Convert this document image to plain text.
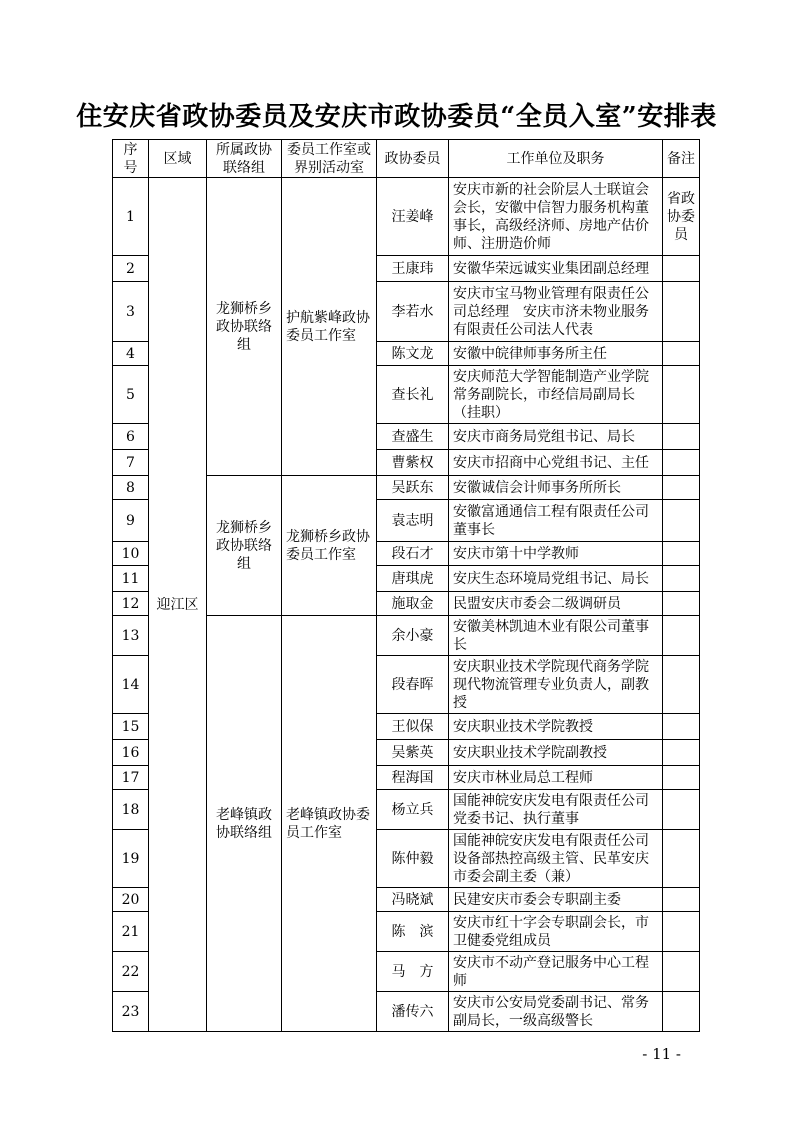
住安庆省政协委员及安庆市政协委员“全员入室”安排表
序号	区域	所属政协联络组	委员工作室或界别活动室	政协委员	工作单位及职务	备注
1	迎江区	龙狮桥乡政协联络组	护航紫峰政协委员工作室	汪姜峰	安庆市新的社会阶层人士联谊会会长，安徽中信智力服务机构董事长，高级经济师、房地产估价师、注册造价师	省政协委员
2				王康玮	安徽华荣远诚实业集团副总经理	
3				李若水	安庆市宝马物业管理有限责任公司总经理　安庆市济未物业服务有限责任公司法人代表	
4				陈文龙	安徽中皖律师事务所主任	
5				查长礼	安庆师范大学智能制造产业学院常务副院长，市经信局副局长（挂职）	
6				查盛生	安庆市商务局党组书记、局长	
7				曹紫权	安庆市招商中心党组书记、主任	
8		龙狮桥乡政协联络组	龙狮桥乡政协委员工作室	吴跃东	安徽诚信会计师事务所所长	
9				袁志明	安徽富通通信工程有限责任公司董事长	
10				段石才	安庆市第十中学教师	
11				唐琪虎	安庆生态环境局党组书记、局长	
12				施取金	民盟安庆市委会二级调研员	
13		老峰镇政协联络组	老峰镇政协委员工作室	余小豪	安徽美林凯迪木业有限公司董事长	
14				段春晖	安庆职业技术学院现代商务学院现代物流管理专业负责人，副教授	
15				王似保	安庆职业技术学院教授	
16				吴紫英	安庆职业技术学院副教授	
17				程海国	安庆市林业局总工程师	
18				杨立兵	国能神皖安庆发电有限责任公司党委书记、执行董事	
19				陈仲毅	国能神皖安庆发电有限责任公司设备部热控高级主管、民革安庆市委会副主委（兼）	
20				冯晓斌	民建安庆市委会专职副主委	
21				陈　滨	安庆市红十字会专职副会长，市卫健委党组成员	
22				马　方	安庆市不动产登记服务中心工程师	
23				潘传六	安庆市公安局党委副书记、常务副局长，一级高级警长	
- 11 -
